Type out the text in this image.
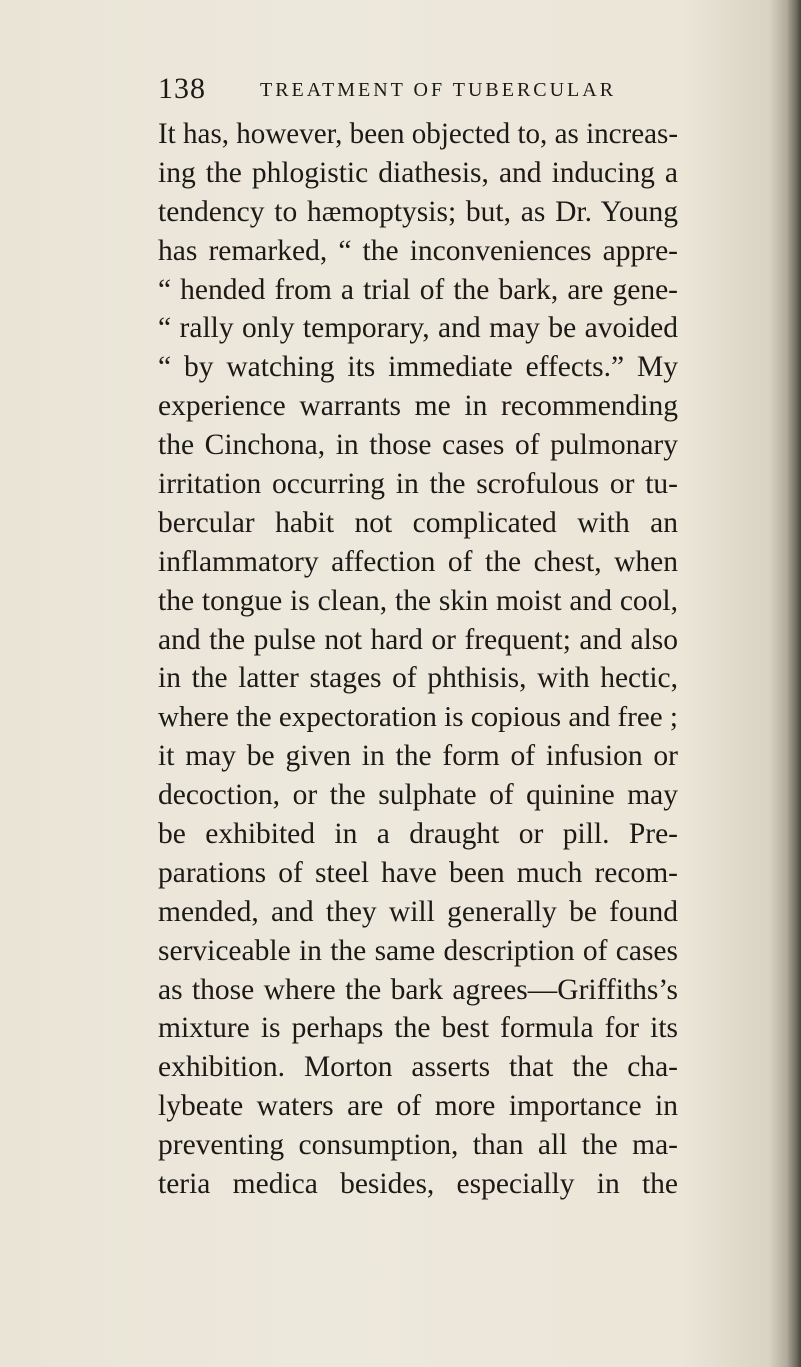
138	TREATMENT OF TUBERCULAR
It has, however, been objected to, as increas-
ing the phlogistic diathesis, and inducing a
tendency to hæmoptysis; but, as Dr. Young
has remarked, “ the inconveniences appre-
“ hended from a trial of the bark, are gene-
“ rally only temporary, and may be avoided
“ by watching its immediate effects.” My
experience warrants me in recommending
the Cinchona, in those cases of pulmonary
irritation occurring in the scrofulous or tu-
bercular habit not complicated with an
inflammatory affection of the chest, when
the tongue is clean, the skin moist and cool,
and the pulse not hard or frequent; and also
in the latter stages of phthisis, with hectic,
where the expectoration is copious and free ;
it may be given in the form of infusion or
decoction, or the sulphate of quinine may
be exhibited in a draught or pill. Pre-
parations of steel have been much recom-
mended, and they will generally be found
serviceable in the same description of cases
as those where the bark agrees—Griffiths’s
mixture is perhaps the best formula for its
exhibition. Morton asserts that the cha-
lybeate waters are of more importance in
preventing consumption, than all the ma-
teria medica besides, especially in the
